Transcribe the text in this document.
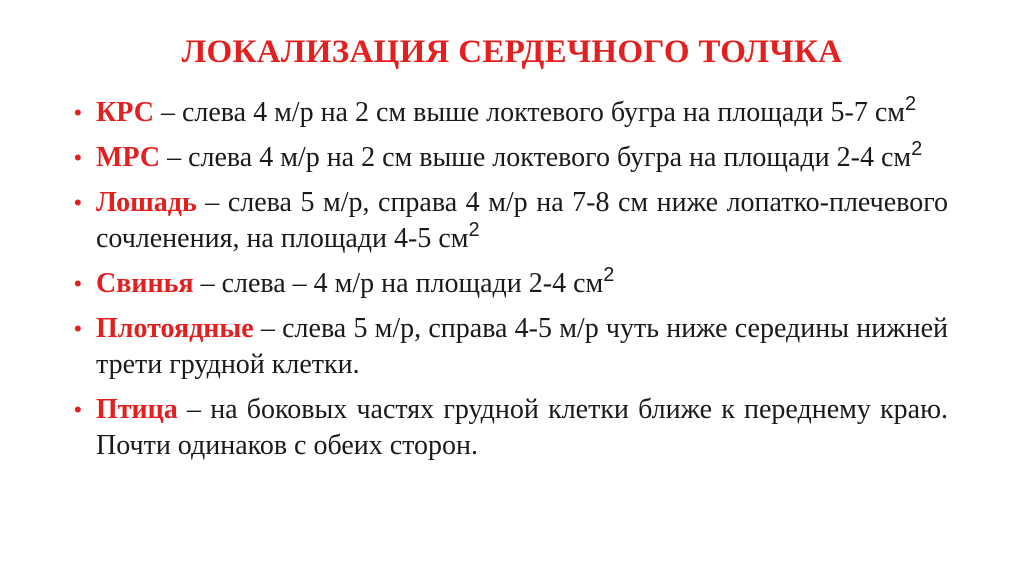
ЛОКАЛИЗАЦИЯ СЕРДЕЧНОГО ТОЛЧКА
• КРС – слева 4 м/р на 2 см выше локтевого бугра на площади 5-7 $см^2$
• МРС – слева 4 м/р на 2 см выше локтевого бугра на площади 2-4 $см^2$
• Лошадь – слева 5 м/р, справа 4 м/р на 7-8 см ниже лопатко-плечевого сочленения, на площади 4-5 $см^2$
• Свинья – слева – 4 м/р на площади 2-4 $см^2$
• Плотоядные – слева 5 м/р, справа 4-5 м/р чуть ниже середины нижней трети грудной клетки.
• Птица – на боковых частях грудной клетки ближе к переднему краю. Почти одинаков с обеих сторон.
